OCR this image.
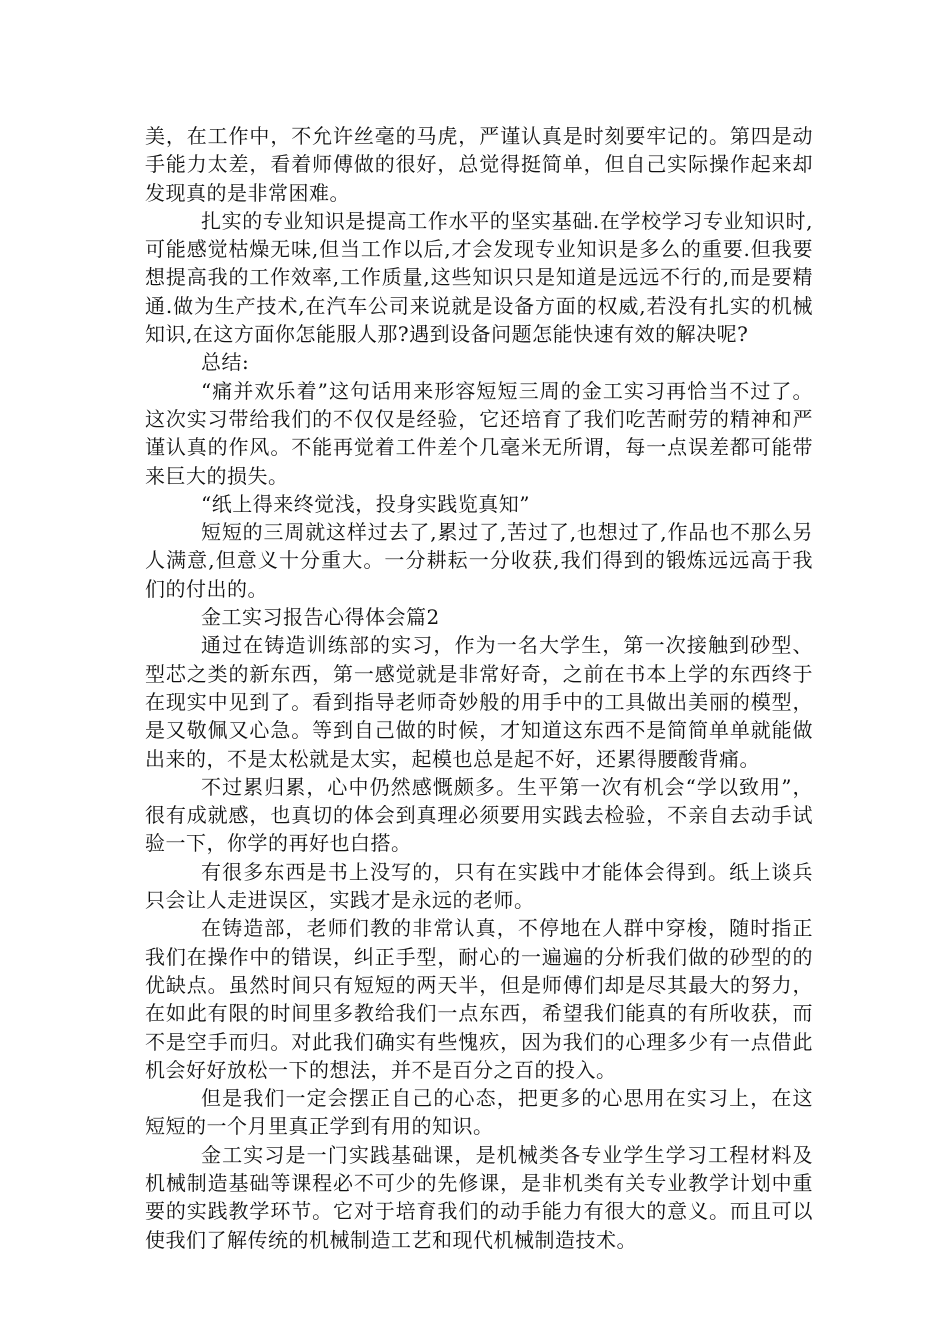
美，在工作中，不允许丝毫的马虎，严谨认真是时刻要牢记的。第四是动手能力太差，看着师傅做的很好，总觉得挺简单，但自己实际操作起来却发现真的是非常困难。

扎实的专业知识是提高工作水平的坚实基础.在学校学习专业知识时,可能感觉枯燥无味,但当工作以后,才会发现专业知识是多么的重要.但我要想提高我的工作效率,工作质量,这些知识只是知道是远远不行的,而是要精通.做为生产技术,在汽车公司来说就是设备方面的权威,若没有扎实的机械知识,在这方面你怎能服人那?遇到设备问题怎能快速有效的解决呢?

总结:

“痛并欢乐着”这句话用来形容短短三周的金工实习再恰当不过了。这次实习带给我们的不仅仅是经验，它还培育了我们吃苦耐劳的精神和严谨认真的作风。不能再觉着工件差个几毫米无所谓，每一点误差都可能带来巨大的损失。

“纸上得来终觉浅，投身实践览真知”

短短的三周就这样过去了,累过了,苦过了,也想过了,作品也不那么另人满意,但意义十分重大。一分耕耘一分收获,我们得到的锻炼远远高于我们的付出的。

金工实习报告心得体会篇2

通过在铸造训练部的实习，作为一名大学生，第一次接触到砂型、型芯之类的新东西，第一感觉就是非常好奇，之前在书本上学的东西终于在现实中见到了。看到指导老师奇妙般的用手中的工具做出美丽的模型，是又敬佩又心急。等到自己做的时候，才知道这东西不是简简单单就能做出来的，不是太松就是太实，起模也总是起不好，还累得腰酸背痛。

不过累归累，心中仍然感慨颇多。生平第一次有机会“学以致用”，很有成就感，也真切的体会到真理必须要用实践去检验，不亲自去动手试验一下，你学的再好也白搭。

有很多东西是书上没写的，只有在实践中才能体会得到。纸上谈兵只会让人走进误区，实践才是永远的老师。

在铸造部，老师们教的非常认真，不停地在人群中穿梭，随时指正我们在操作中的错误，纠正手型，耐心的一遍遍的分析我们做的砂型的的优缺点。虽然时间只有短短的两天半，但是师傅们却是尽其最大的努力，在如此有限的时间里多教给我们一点东西，希望我们能真的有所收获，而不是空手而归。对此我们确实有些愧疚，因为我们的心理多少有一点借此机会好好放松一下的想法，并不是百分之百的投入。

但是我们一定会摆正自己的心态，把更多的心思用在实习上，在这短短的一个月里真正学到有用的知识。

金工实习是一门实践基础课，是机械类各专业学生学习工程材料及机械制造基础等课程必不可少的先修课，是非机类有关专业教学计划中重要的实践教学环节。它对于培育我们的动手能力有很大的意义。而且可以使我们了解传统的机械制造工艺和现代机械制造技术。
